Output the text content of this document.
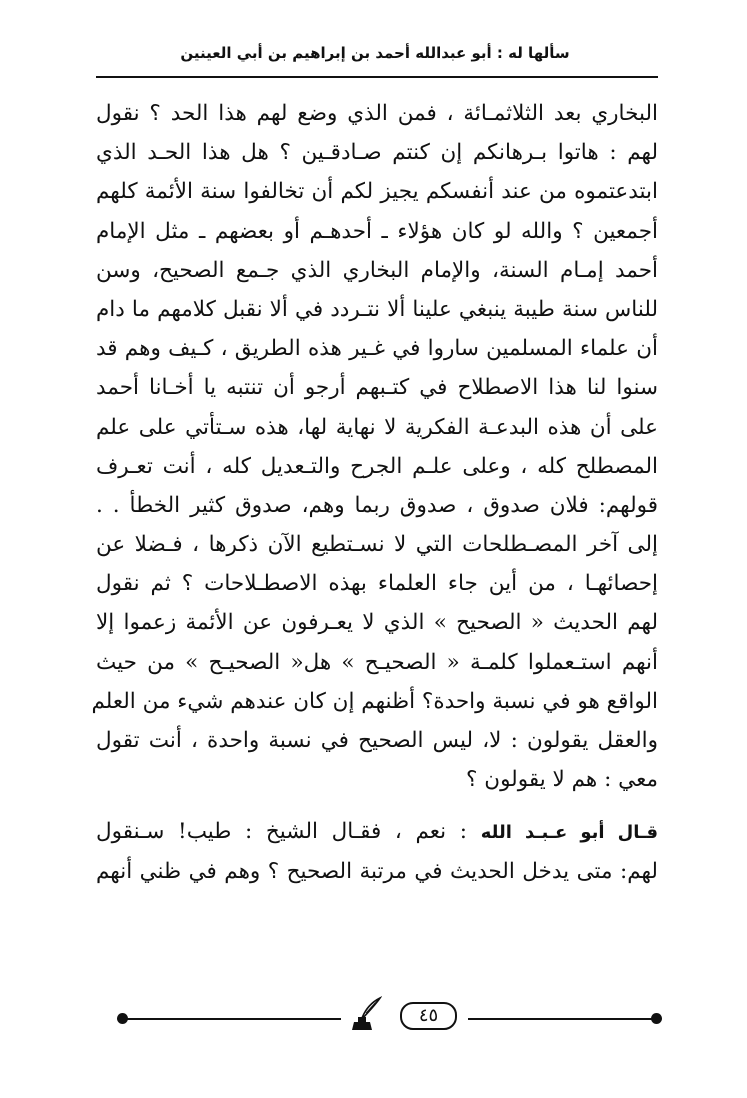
سألها له : أبو عبدالله أحمد بن إبراهيم بن أبي العينين
البخاري بعد الثلاثمـائة ، فمن الذي وضع لهم هذا الحد ؟ نقول
لهم : هاتوا بـرهانكم إن كنتم صـادقـين ؟ هل هذا الحـد الذي
ابتدعتموه من عند أنفسكم يجيز لكم أن تخالفوا سنة الأئمة كلهم
أجمعين ؟ والله لو كان هؤلاء ـ أحدهـم أو بعضهم ـ مثل الإمام
أحمد إمـام السنة، والإمام البخاري الذي جـمع الصحيح، وسن
للناس سنة طيبة ينبغي علينا ألا نتـردد في ألا نقبل كلامهم ما دام
أن علماء المسلمين ساروا في غـير هذه الطريق ، كـيف وهم قد
سنوا لنا هذا الاصطلاح في كتـبهم أرجو أن تنتبه يا أخـانا أحمد
على أن هذه البدعـة الفكرية لا نهاية لها، هذه سـتأتي على علم
المصطلح كله ، وعلى علـم الجرح والتـعديل كله ، أنت تعـرف
قولهم: فلان صدوق ، صدوق ربما وهم، صدوق كثير الخطأ . .
إلى آخر المصـطلحات التي لا نسـتطيع الآن ذكرها ، فـضلا عن
إحصائهـا ، من أين جاء العلماء بهذه الاصطـلاحات ؟ ثم نقول
لهم الحديث « الصحيح » الذي لا يعـرفون عن الأئمة زعموا إلا
أنهم استـعملوا كلمـة « الصحيـح » هل« الصحيـح » من حيث
الواقع هو في نسبة واحدة؟ أظنهم إن كان عندهم شيء من العلم
والعقل يقولون : لا، ليس الصحيح في نسبة واحدة ، أنت تقول
معي : هم لا يقولون ؟
قـال أبو عـبـد الله : نعم ، فقـال الشيخ : طيب! سـنقول
لهم: متى يدخل الحديث في مرتبة الصحيح ؟ وهم في ظني أنهم
٤٥
